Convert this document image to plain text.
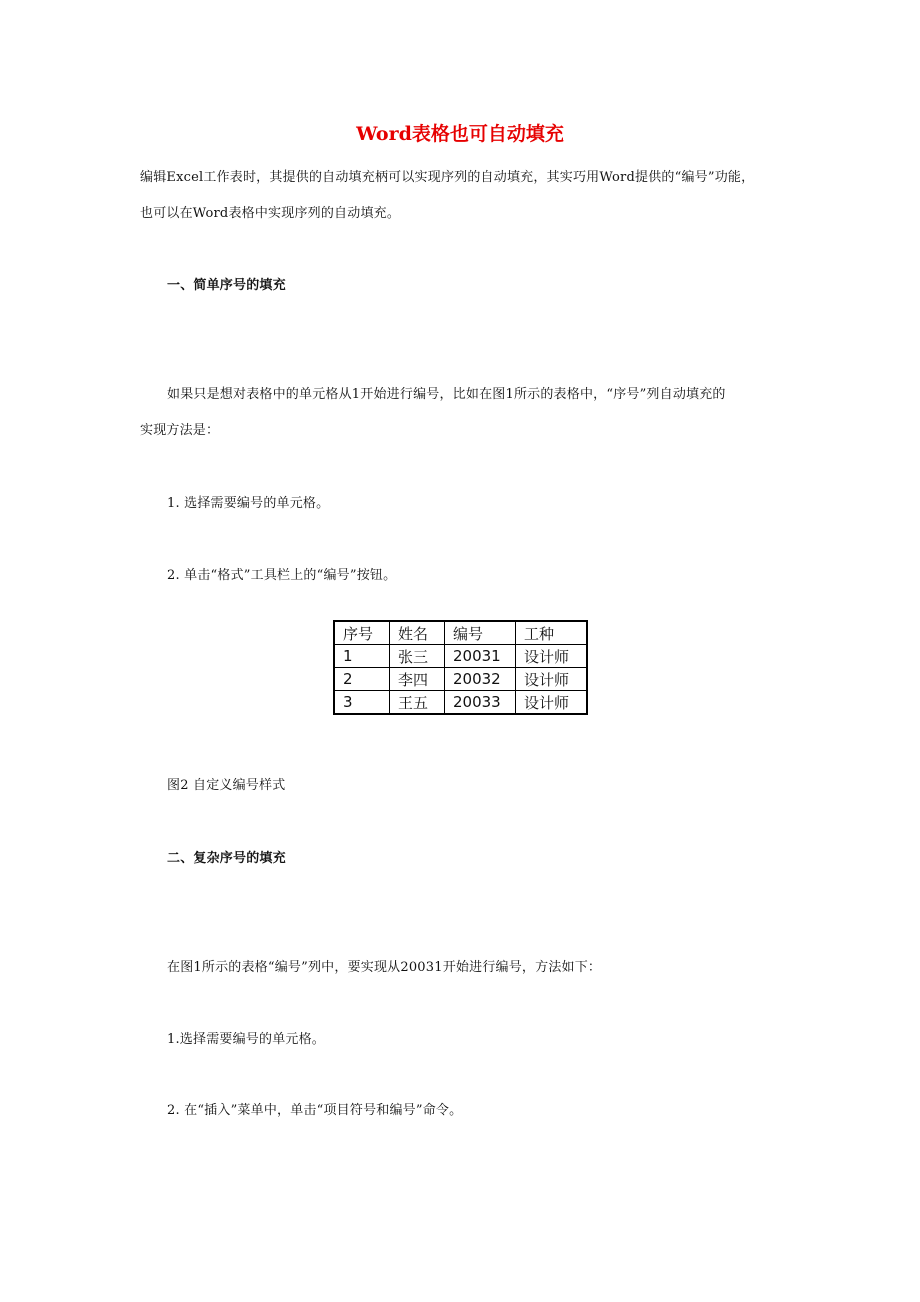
Word表格也可自动填充
编辑Excel工作表时，其提供的自动填充柄可以实现序列的自动填充，其实巧用Word提供的“编号”功能，
也可以在Word表格中实现序列的自动填充。
一、简单序号的填充
如果只是想对表格中的单元格从1开始进行编号，比如在图1所示的表格中，“序号”列自动填充的
实现方法是：
1. 选择需要编号的单元格。
2. 单击“格式”工具栏上的“编号”按钮。
序号	姓名	编号	工种
1	张三	20031	设计师
2	李四	20032	设计师
3	王五	20033	设计师
图2 自定义编号样式
二、复杂序号的填充
在图1所示的表格“编号”列中，要实现从20031开始进行编号，方法如下：
1.选择需要编号的单元格。
2. 在“插入”菜单中，单击“项目符号和编号”命令。
